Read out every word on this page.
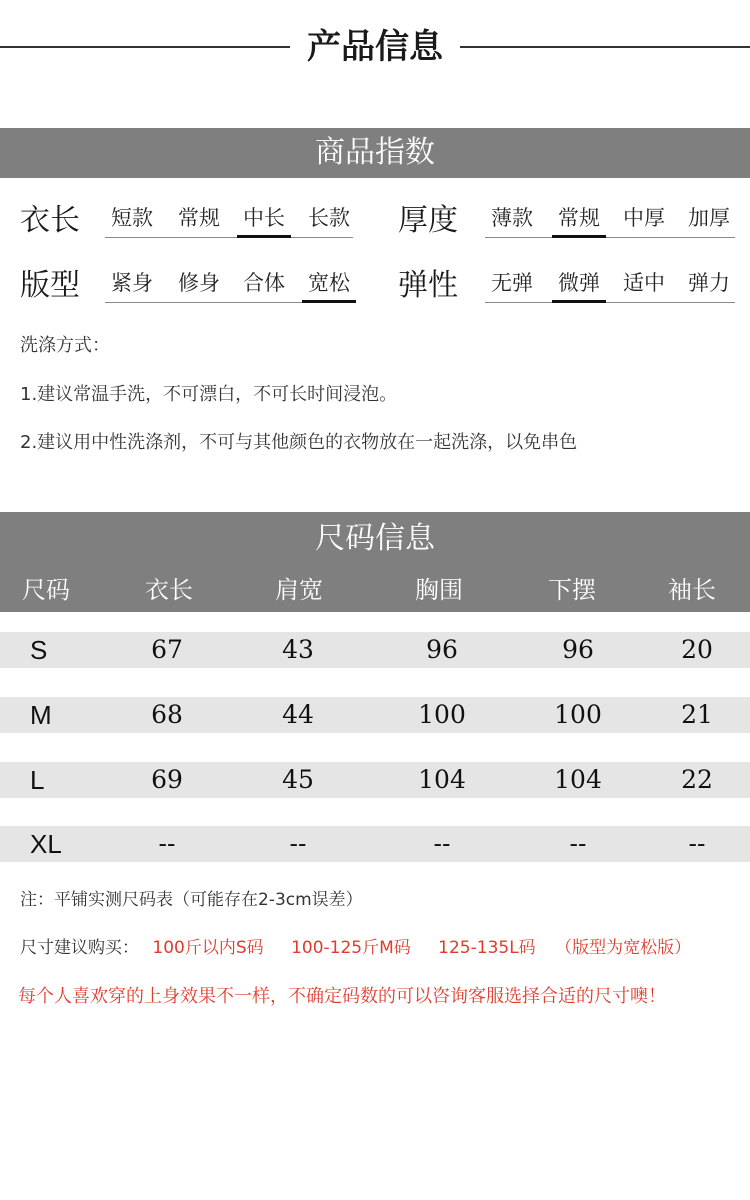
产品信息
商品指数
衣长 短款 常规 中长 长款 厚度 薄款 常规 中厚 加厚
版型 紧身 修身 合体 宽松 弹性 无弹 微弹 适中 弹力
洗涤方式：
1.建议常温手洗，不可漂白，不可长时间浸泡。
2.建议用中性洗涤剂，不可与其他颜色的衣物放在一起洗涤，以免串色
尺码信息
尺码	衣长	肩宽	胸围	下摆	袖长
S	67	43	96	96	20
M	68	44	100	100	21
L	69	45	104	104	22
XL	--	--	--	--	--
注：平铺实测尺码表（可能存在2-3cm误差）
尺寸建议购买： 100斤以内S码 100-125斤M码 125-135L码 （版型为宽松版）
每个人喜欢穿的上身效果不一样，不确定码数的可以咨询客服选择合适的尺寸噢！
